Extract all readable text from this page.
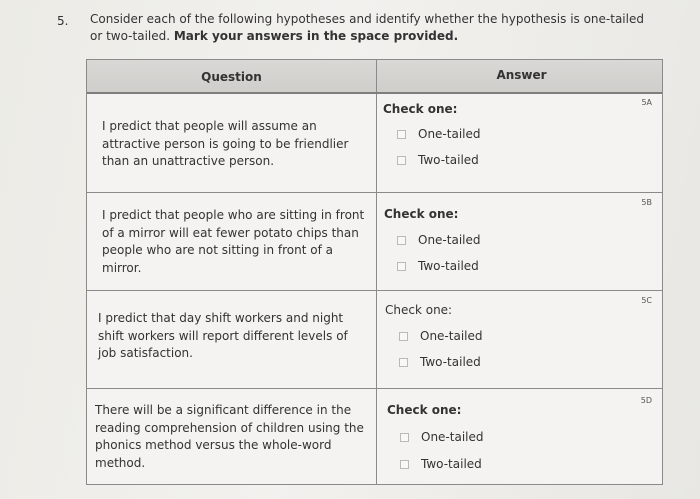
5. Consider each of the following hypotheses and identify whether the hypothesis is one-tailed or two-tailed. Mark your answers in the space provided.
Question	Answer
I predict that people will assume an attractive person is going to be friendlier than an unattractive person.
5A
Check one:
One-tailed
Two-tailed
I predict that people who are sitting in front of a mirror will eat fewer potato chips than people who are not sitting in front of a mirror.
5B
Check one:
One-tailed
Two-tailed
I predict that day shift workers and night shift workers will report different levels of job satisfaction.
5C
Check one:
One-tailed
Two-tailed
There will be a significant difference in the reading comprehension of children using the phonics method versus the whole-word method.
5D
Check one:
One-tailed
Two-tailed
